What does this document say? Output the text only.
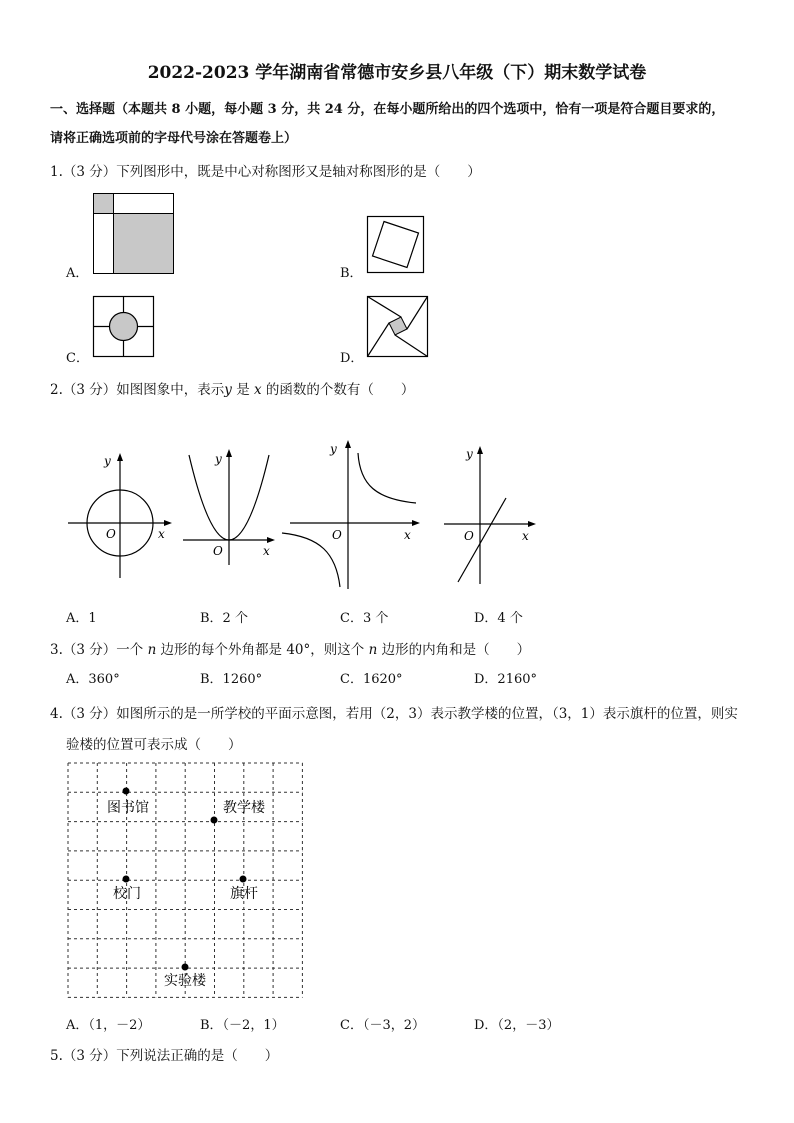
2022-2023 学年湖南省常德市安乡县八年级（下）期末数学试卷
一、选择题（本题共 8 小题，每小题 3 分，共 24 分，在每小题所给出的四个选项中，恰有一项是符合题目要求的，
请将正确选项前的字母代号涂在答题卷上）
1.（3 分）下列图形中，既是中心对称图形又是轴对称图形的是（　　）
A．	B．
C．	D．
2.（3 分）如图图象中，表示y 是 x 的函数的个数有（　　）
y
x
O
y
x
O
y
x
O
y
x
O
A．1	B．2 个	C．3 个	D．4 个
3.（3 分）一个 n 边形的每个外角都是 40°，则这个 n 边形的内角和是（　　）
A．360°	B．1260°	C．1620°	D．2160°
4.（3 分）如图所示的是一所学校的平面示意图，若用（2，3）表示教学楼的位置，（3，1）表示旗杆的位置，则实
验楼的位置可表示成（　　）
图书馆	教学楼
校门	旗杆
实验楼
A．（1，－2）	B．（－2，1）	C．（－3，2）	D．（2，－3）
5.（3 分）下列说法正确的是（　　）
